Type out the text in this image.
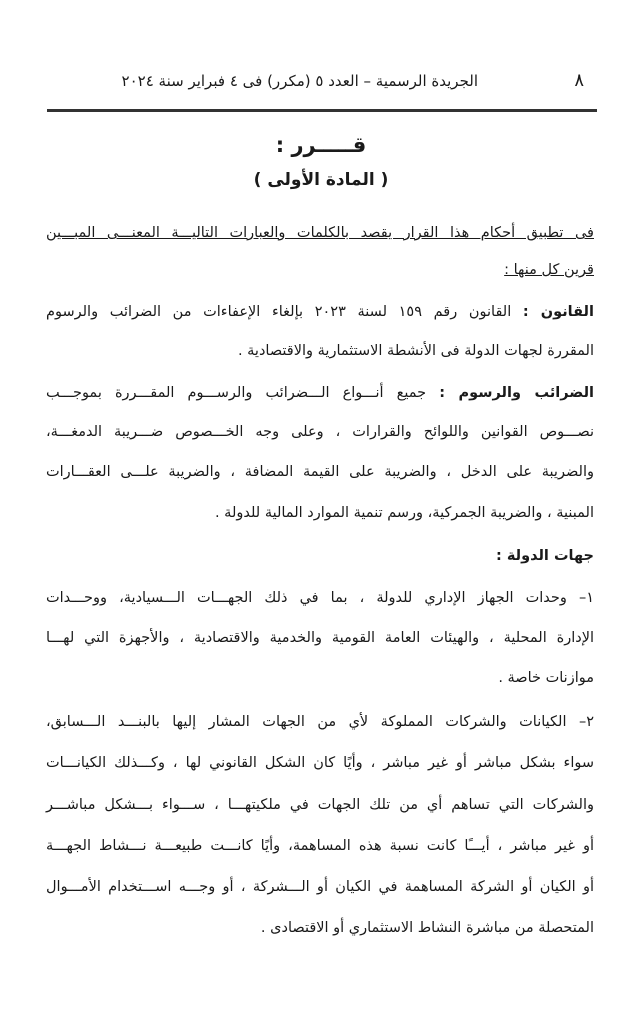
٨
الجريدة الرسمية – العدد ٥ (مكرر) فى ٤ فبراير سنة ٢٠٢٤
قـــــرر :
( المادة الأولى )
فى تطبيق أحكام هذا القرار يقصد بالكلمات والعبارات التاليـــة المعنـــى المبـــين
قرين كل منها :
القانون : القانون رقم ١٥٩ لسنة ٢٠٢٣ بإلغاء الإعفاءات من الضرائب والرسوم
المقررة لجهات الدولة فى الأنشطة الاستثمارية والاقتصادية .
الضرائب والرسوم : جميع أنـــواع الـــضرائب والرســـوم المقـــررة بموجـــب
نصـــوص القوانين واللوائح والقرارات ، وعلى وجه الخـــصوص ضـــريبة الدمغـــة،
والضريبة على الدخل ، والضريبة على القيمة المضافة ، والضريبة علـــى العقـــارات
المبنية ، والضريبة الجمركية، ورسم تنمية الموارد المالية للدولة .
جهات الدولة :
١– وحدات الجهاز الإداري للدولة ، بما في ذلك الجهـــات الـــسيادية، ووحـــدات
الإدارة المحلية ، والهيئات العامة القومية والخدمية والاقتصادية ، والأجهزة التي لهـــا
موازنات خاصة .
٢– الكيانات والشركات المملوكة لأي من الجهات المشار إليها بالبنـــد الـــسابق،
سواء بشكل مباشر أو غير مباشر ، وأيًا كان الشكل القانوني لها ، وكـــذلك الكيانـــات
والشركات التي تساهم أي من تلك الجهات في ملكيتهـــا ، ســـواء بـــشكل مباشـــر
أو غير مباشر ، أيـــًا كانت نسبة هذه المساهمة، وأيًا كانـــت طبيعـــة نـــشاط الجهـــة
أو الكيان أو الشركة المساهمة في الكيان أو الـــشركة ، أو وجـــه اســـتخدام الأمـــوال
المتحصلة من مباشرة النشاط الاستثماري أو الاقتصادى .
